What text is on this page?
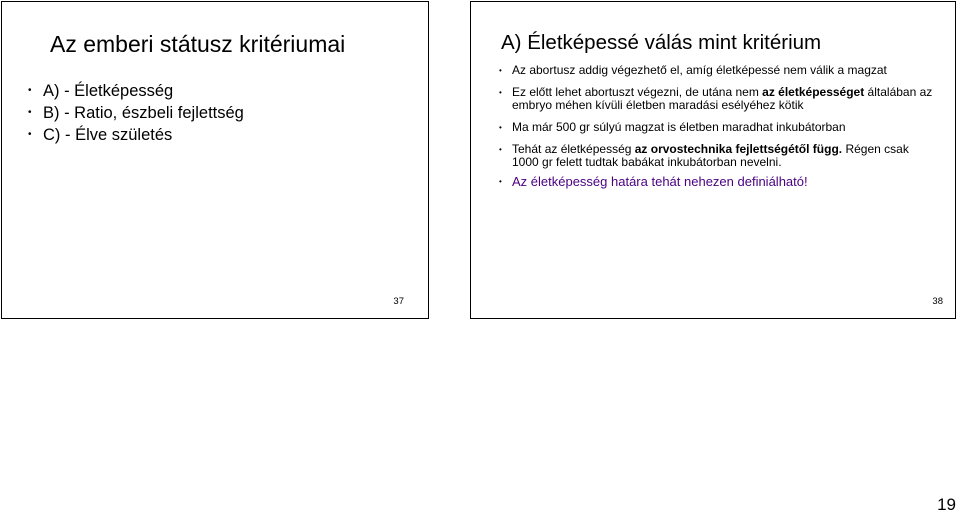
Az emberi státusz kritériumai
• A) - Életképesség
• B) - Ratio, észbeli fejlettség
• C) - Élve születés
37
A) Életképessé válás mint kritérium
• Az abortusz addig végezhető el, amíg életképessé nem válik a magzat
• Ez előtt lehet abortuszt végezni, de utána nem az életképességet általában az embryo méhen kívüli életben maradási esélyéhez kötik
• Ma már 500 gr súlyú magzat is életben maradhat inkubátorban
• Tehát az életképesség az orvostechnika fejlettségétől függ. Régen csak 1000 gr felett tudtak babákat inkubátorban nevelni.
• Az életképesség határa tehát nehezen definiálható!
38
19
